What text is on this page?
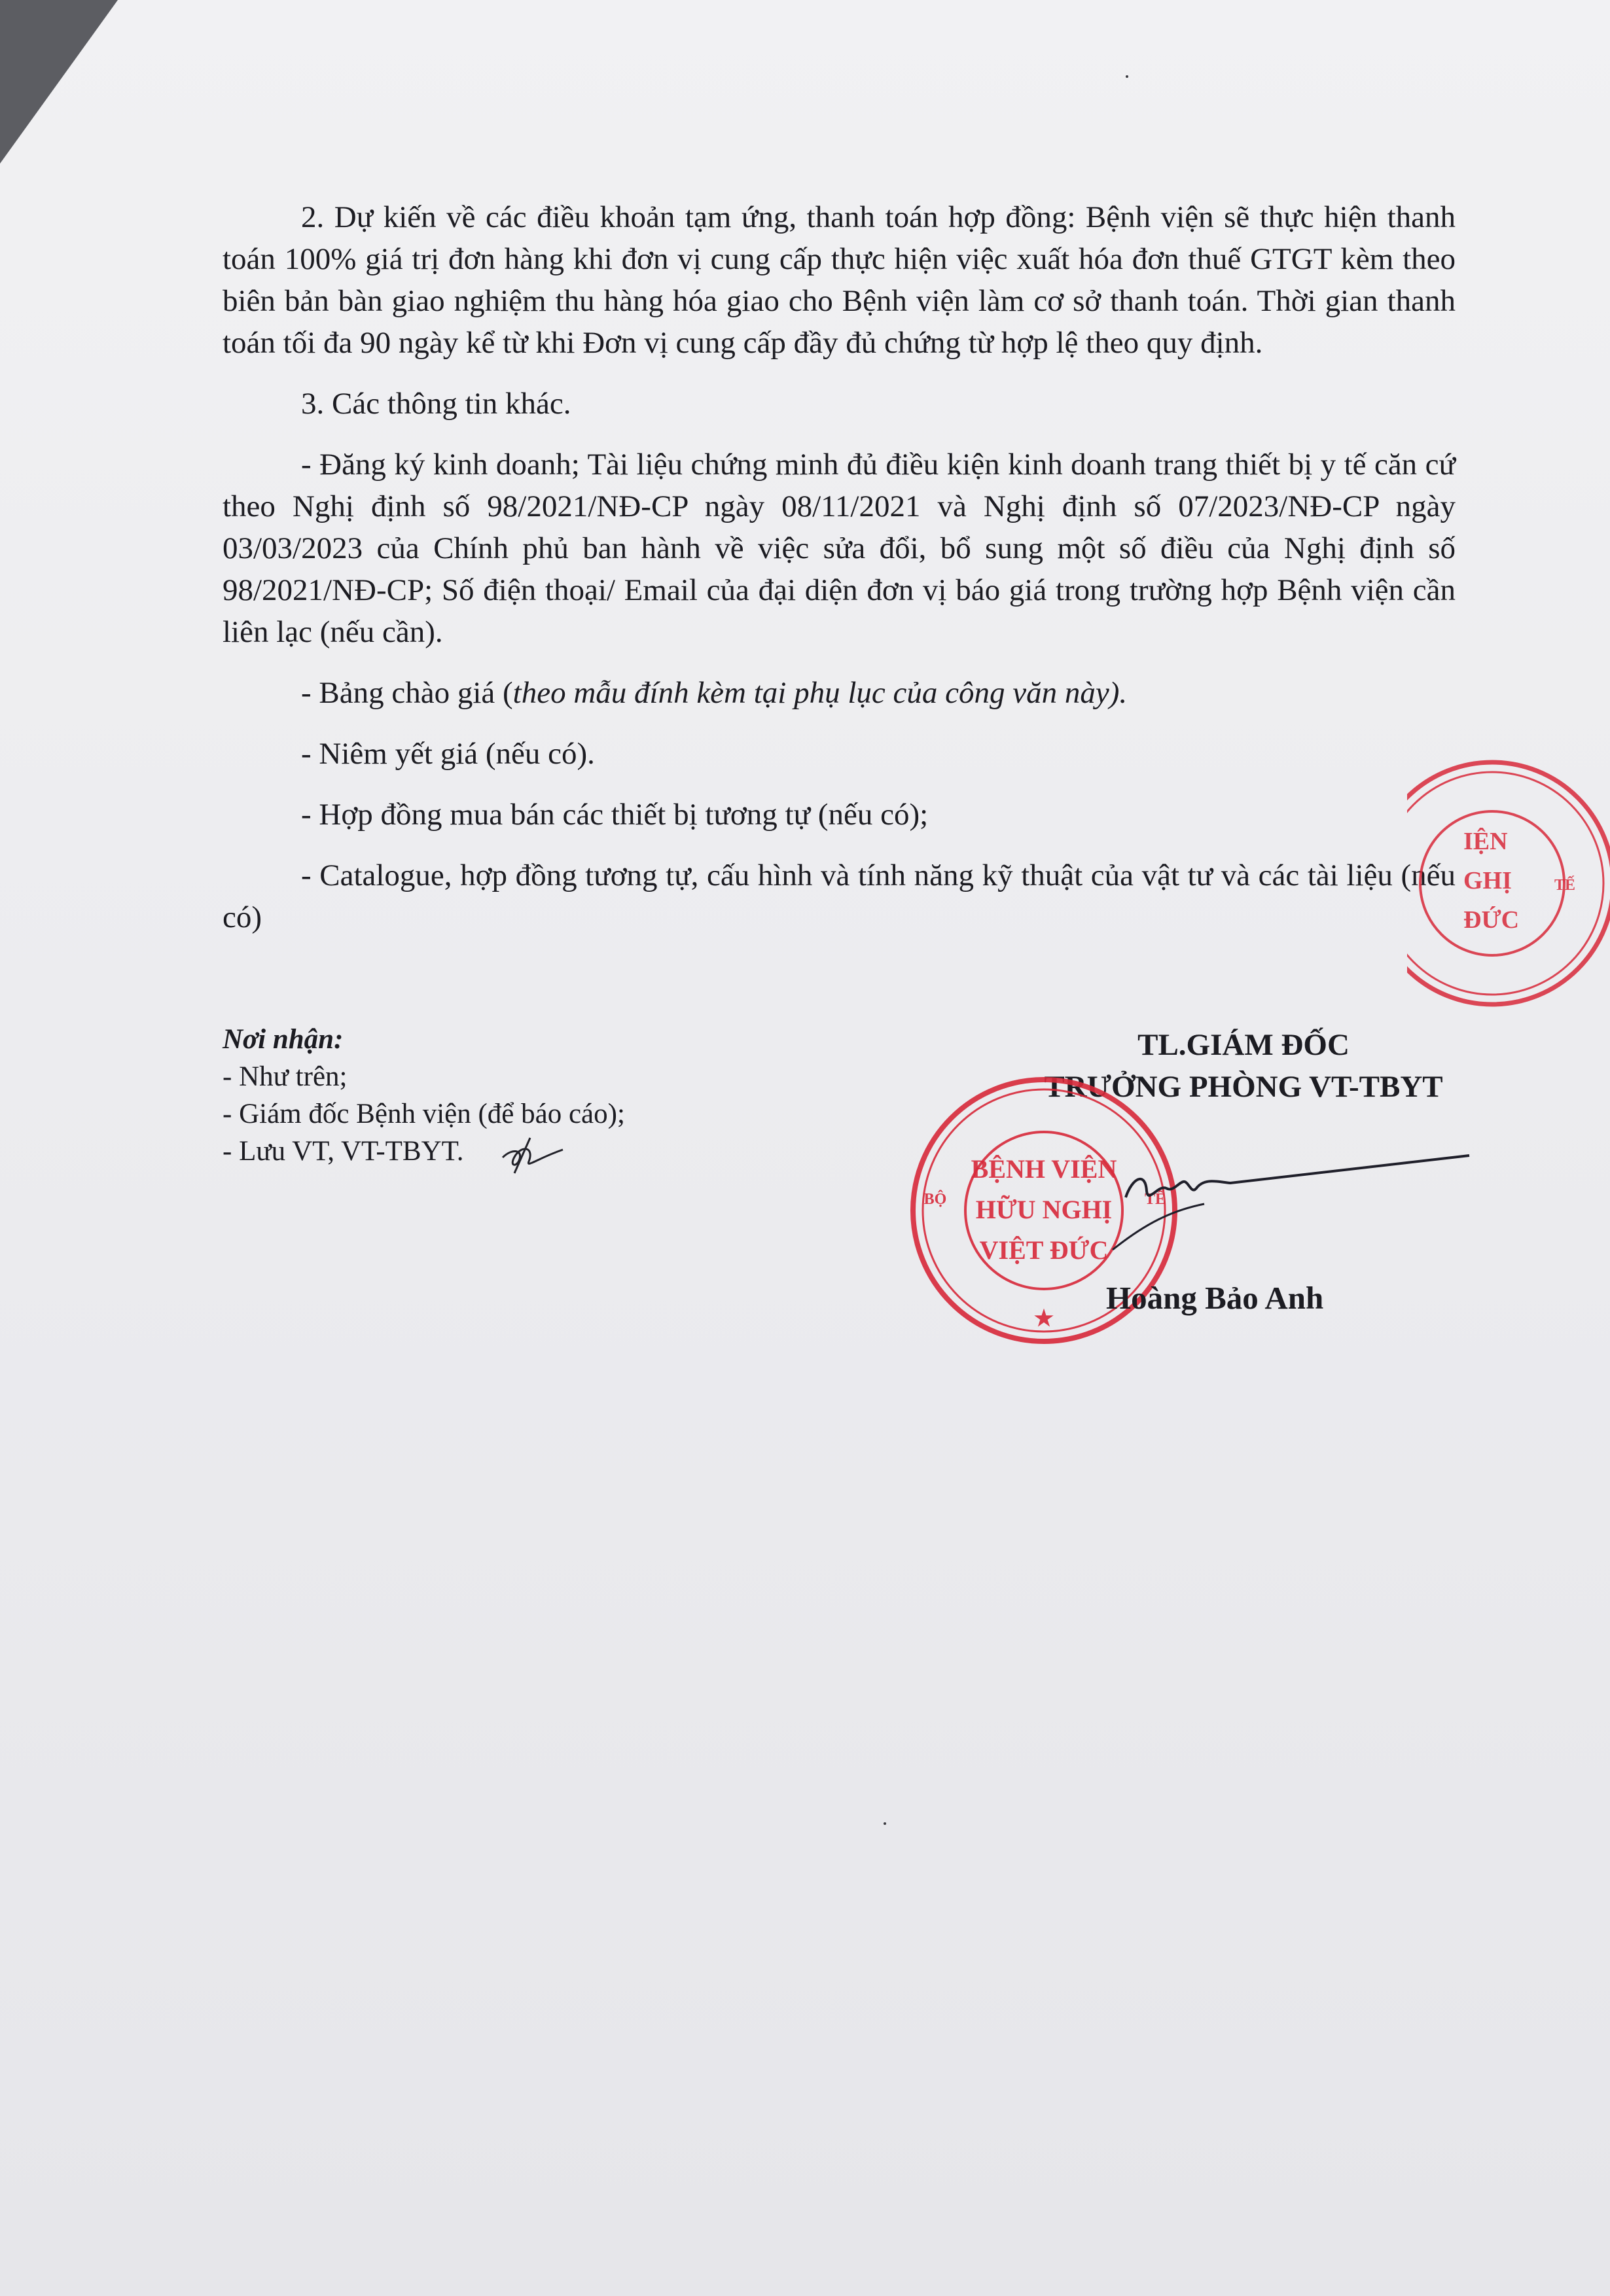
2. Dự kiến về các điều khoản tạm ứng, thanh toán hợp đồng: Bệnh viện sẽ thực hiện thanh toán 100% giá trị đơn hàng khi đơn vị cung cấp thực hiện việc xuất hóa đơn thuế GTGT kèm theo biên bản bàn giao nghiệm thu hàng hóa giao cho Bệnh viện làm cơ sở thanh toán. Thời gian thanh toán tối đa 90 ngày kể từ khi Đơn vị cung cấp đầy đủ chứng từ hợp lệ theo quy định.

3. Các thông tin khác.

- Đăng ký kinh doanh; Tài liệu chứng minh đủ điều kiện kinh doanh trang thiết bị y tế căn cứ theo Nghị định số 98/2021/NĐ-CP ngày 08/11/2021 và Nghị định số 07/2023/NĐ-CP ngày 03/03/2023 của Chính phủ ban hành về việc sửa đổi, bổ sung một số điều của Nghị định số 98/2021/NĐ-CP; Số điện thoại/ Email của đại diện đơn vị báo giá trong trường hợp Bệnh viện cần liên lạc (nếu cần).

- Bảng chào giá (theo mẫu đính kèm tại phụ lục của công văn này).

- Niêm yết giá (nếu có).

- Hợp đồng mua bán các thiết bị tương tự (nếu có);

- Catalogue, hợp đồng tương tự, cấu hình và tính năng kỹ thuật của vật tư và các tài liệu (nếu có)

Nơi nhận:
- Như trên;
- Giám đốc Bệnh viện (để báo cáo);
- Lưu VT, VT-TBYT.
TL.GIÁM ĐỐC
TRƯỞNG PHÒNG VT-TBYT
BỆNH VIỆN
HỮU NGHỊ
VIỆT ĐỨC
BỘ	TẾ
★
Hoàng Bảo Anh
IỆN
GHỊ
ĐỨC
TẾ
